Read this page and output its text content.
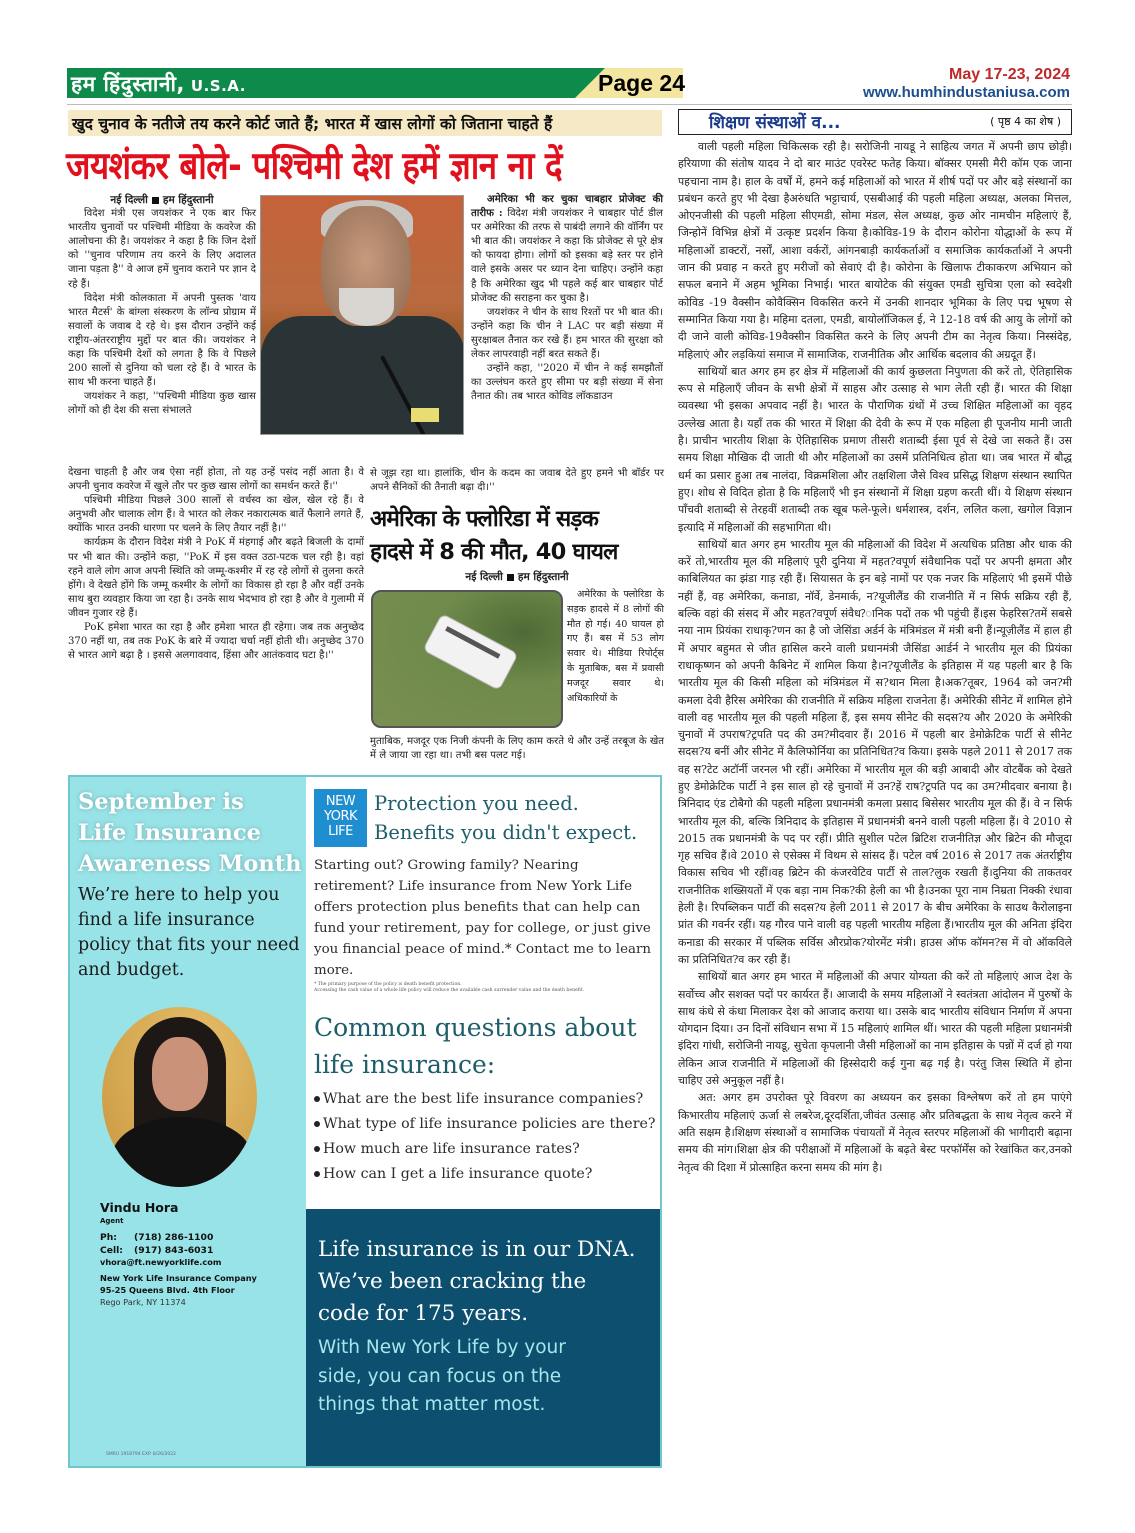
हम हिंदुस्तानी, U.S.A.	Page 24	May 17-23, 2024
www.humhindustaniusa.com
खुद चुनाव के नतीजे तय करने कोर्ट जाते हैं; भारत में खास लोगों को जिताना चाहते हैं
जयशंकर बोले- पश्चिमी देश हमें ज्ञान ना दें
नई दिल्ली हम हिंदुस्तानी

विदेश मंत्री एस जयशंकर ने एक बार फिर भारतीय चुनावों पर पश्चिमी मीडिया के कवरेज की आलोचना की है। जयशंकर ने कहा है कि जिन देशों को ''चुनाव परिणाम तय करने के लिए अदालत जाना पड़ता है'' वे आज हमें चुनाव कराने पर ज्ञान दे रहे हैं।

विदेश मंत्री कोलकाता में अपनी पुस्तक 'वाय भारत मैटर्स' के बांग्ला संस्करण के लॉन्च प्रोग्राम में सवालों के जवाब दे रहे थे। इस दौरान उन्होंने कई राष्ट्रीय-अंतरराष्ट्रीय मुद्दों पर बात की। जयशंकर ने कहा कि पश्चिमी देशों को लगता है कि वे पिछले 200 सालों से दुनिया को चला रहे हैं। वे भारत के साथ भी करना चाहते हैं।

जयशंकर ने कहा, ''पश्चिमी मीडिया कुछ खास लोगों को ही देश की सत्ता संभालते

देखना चाहती है और जब ऐसा नहीं होता, तो यह उन्हें पसंद नहीं आता है। वे अपनी चुनाव कवरेज में खुले तौर पर कुछ खास लोगों का समर्थन करते हैं।''

पश्चिमी मीडिया पिछले 300 सालों से वर्चस्व का खेल, खेल रहे हैं। वे अनुभवी और चालाक लोग हैं। वे भारत को लेकर नकारात्मक बातें फैलाने लगते हैं, क्योंकि भारत उनकी धारणा पर चलने के लिए तैयार नहीं है।''

कार्यक्रम के दौरान विदेश मंत्री ने PoK में मंहगाई और बढ़ते बिजली के दामों पर भी बात की। उन्होंने कहा, ''PoK में इस वक्त उठा-पटक चल रही है। वहां रहने वाले लोग आज अपनी स्थिति को जम्मू-कश्मीर में रह रहे लोगों से तुलना करते होंगे। वे देखते होंगे कि जम्मू कश्मीर के लोगों का विकास हो रहा है और वहीं उनके साथ बुरा व्यवहार किया जा रहा है। उनके साथ भेदभाव हो रहा है और वे गुलामी में जीवन गुजार रहे हैं।

PoK हमेशा भारत का रहा है और हमेशा भारत ही रहेगा। जब तक अनुच्छेद 370 नहीं था, तब तक PoK के बारे में ज्यादा चर्चा नहीं होती थी। अनुच्छेद 370 से भारत आगे बढ़ा है । इससे अलगाववाद, हिंसा और आतंकवाद घटा है।''

अमेरिका भी कर चुका चाबहार प्रोजेक्ट की तारीफ : विदेश मंत्री जयशंकर ने चाबहार पोर्ट डील पर अमेरिका की तरफ से पाबंदी लगाने की वॉर्निंग पर भी बात की। जयशंकर ने कहा कि प्रोजेक्ट से पूरे क्षेत्र को फायदा होगा। लोगों को इसका बड़े स्तर पर होने वाले इसके असर पर ध्यान देना चाहिए। उन्होंने कहा है कि अमेरिका खुद भी पहले कई बार चाबहार पोर्ट प्रोजेक्ट की सराहना कर चुका है।

जयशंकर ने चीन के साथ रिश्तों पर भी बात की। उन्होंने कहा कि चीन ने LAC पर बड़ी संख्या में सुरक्षाबल तैनात कर रखे हैं। हम भारत की सुरक्षा को लेकर लापरवाही नहीं बरत सकते हैं।

उन्होंने कहा, ''2020 में चीन ने कई समझौतों का उल्लंघन करते हुए सीमा पर बड़ी संख्या में सेना तैनात की। तब भारत कोविड लॉकडाउन

से जूझ रहा था। हालांकि, चीन के कदम का जवाब देते हुए हमने भी बॉर्डर पर अपने सैनिकों की तैनाती बढ़ा दी।''

अमेरिका के फ्लोरिडा में सड़क
हादसे में 8 की मौत, 40 घायल
नई दिल्ली हम हिंदुस्तानी

अमेरिका के फ्लोरिडा के सड़क हादसे में 8 लोगों की मौत हो गई। 40 घायल हो गए हैं। बस में 53 लोग सवार थे। मीडिया रिपोर्ट्स के मुताबिक, बस में प्रवासी मजदूर सवार थे। अधिकारियों के

मुताबिक, मजदूर एक निजी कंपनी के लिए काम करते थे और उन्हें तरबूज के खेत में ले जाया जा रहा था। तभी बस पलट गई।

September is
Life Insurance
Awareness Month
We’re here to help you find a life insurance policy that fits your need and budget.
Vindu Hora
Agent
Ph: (718) 286-1100
Cell: (917) 843-6031
vhora@ft.newyorklife.com
New York Life Insurance Company
95-25 Queens Blvd. 4th Floor
Rego Park, NY 11374
SMRU 1918794 EXP. 8/26/2022
NEW
YORK
LIFE
Protection you need.
Benefits you didn't expect.
Starting out? Growing family? Nearing retirement? Life insurance from New York Life offers protection plus benefits that can help can fund your retirement, pay for college, or just give you financial peace of mind.* Contact me to learn more.
* The primary purpose of the policy is death benefit protection.
Accessing the cash value of a whole life policy will reduce the available cash surrender value and the death benefit.
Common questions about
life insurance:
What are the best life insurance companies?
What type of life insurance policies are there?
How much are life insurance rates?
How can I get a life insurance quote?
Life insurance is in our DNA.
We’ve been cracking the
code for 175 years.
With New York Life by your
side, you can focus on the
things that matter most.
शिक्षण संस्थाओं व...	( पृष्ठ 4 का शेष )

वाली पहली महिला चिकित्सक रही है। सरोजिनी नायडू ने साहित्य जगत में अपनी छाप छोड़ी। हरियाणा की संतोष यादव ने दो बार माउंट एवरेस्ट फतेह किया। बॉक्सर एमसी मैरी कॉम एक जाना पहचाना नाम है। हाल के वर्षों में, हमने कई महिलाओं को भारत में शीर्ष पदों पर और बड़े संस्थानों का प्रबंधन करते हुए भी देखा हैअरुंधति भट्टाचार्य, एसबीआई की पहली महिला अध्यक्ष, अलका मित्तल, ओएनजीसी की पहली महिला सीएमडी, सोमा मंडल, सेल अध्यक्ष, कुछ ओर नामचीन महिलाएं हैं, जिन्होनें विभिन्न क्षेत्रों में उत्कृष्ट प्रदर्शन किया है।कोविड-19 के दौरान कोरोना योद्धाओं के रूप में महिलाओं डाक्टरों, नर्सों, आशा वर्करों, आंगनबाड़ी कार्यकर्ताओं व समाजिक कार्यकर्ताओं ने अपनी जान की प्रवाह न करते हुए मरीजों को सेवाएं दी है। कोरोना के खिलाफ टीकाकरण अभियान को सफल बनाने में अहम भूमिका निभाई। भारत बायोटेक की संयुक्त एमडी सुचित्रा एला को स्वदेशी कोविड -19 वैक्सीन कोवैक्सिन विकसित करने में उनकी शानदार भूमिका के लिए पद्म भूषण से सम्मानित किया गया है। महिमा दतला, एमडी, बायोलॉजिकल ई, ने 12-18 वर्ष की आयु के लोगों को दी जाने वाली कोविड-19वैक्सीन विकसित करने के लिए अपनी टीम का नेतृत्व किया। निस्संदेह, महिलाएं और लड़कियां समाज में सामाजिक, राजनीतिक और आर्थिक बदलाव की अग्रदूत हैं।

साथियों बात अगर हम हर क्षेत्र में महिलाओं की कार्य कुछलता निपुणता की करें तो, ऐतिहासिक रूप से महिलाएँ जीवन के सभी क्षेत्रों में साहस और उत्साह से भाग लेती रही हैं। भारत की शिक्षा व्यवस्था भी इसका अपवाद नहीं है। भारत के पौराणिक ग्रंथों में उच्च शिक्षित महिलाओं का वृहद उल्लेख आता है। यहाँ तक की भारत में शिक्षा की देवी के रूप में एक महिला ही पूजनीय मानी जाती है। प्राचीन भारतीय शिक्षा के ऐतिहासिक प्रमाण तीसरी शताब्दी ईसा पूर्व से देखे जा सकते हैं। उस समय शिक्षा मौखिक दी जाती थी और महिलाओं का उसमें प्रतिनिधित्व होता था। जब भारत में बौद्ध धर्म का प्रसार हुआ तब नालंदा, विक्रमशिला और तक्षशिला जैसे विश्व प्रसिद्ध शिक्षण संस्थान स्थापित हुए। शोध से विदित होता है कि महिलाएँ भी इन संस्थानों में शिक्षा ग्रहण करती थीं। ये शिक्षण संस्थान पाँचवी शताब्दी से तेरहवीं शताब्दी तक खूब फले-फूले। धर्मशास्त्र, दर्शन, ललित कला, खगोल विज्ञान इत्यादि में महिलाओं की सहभागिता थी।

साथियों बात अगर हम भारतीय मूल की महिलाओं की विदेश में अत्यधिक प्रतिष्ठा और धाक की करें तो,भारतीय मूल की महिलाएं पूरी दुनिया में महत?वपूर्ण संवैधानिक पदों पर अपनी क्षमता और काबिलियत का झंडा गाड़ रही हैं। सियासत के इन बड़े नामों पर एक नजर कि महिलाएं भी इसमें पीछे नहीं हैं, वह अमेरिका, कनाडा, नॉर्वे, डेनमार्क, न?यूजीलैंड की राजनीति में न सिर्फ सक्रिय रही हैं, बल्कि वहां की संसद में और महत?वपूर्ण संवैध?ानिक पदों तक भी पहुंची हैं।इस फेहरिस?तमें सबसे नया नाम प्रियंका राधाकृ?णन का है जो जेसिंडा अर्डर्न के मंत्रिमंडल में मंत्री बनी हैं।न्यूज़ीलैंड में हाल ही में अपार बहुमत से जीत हासिल करने वाली प्रधानमंत्री जैसिंडा आर्डर्न ने भारतीय मूल की प्रियंका राधाकृष्णन को अपनी कैबिनेट में शामिल किया है।न?यूजीलैंड के इतिहास में यह पहली बार है कि भारतीय मूल की किसी महिला को मंत्रिमंडल में स?थान मिला है।अक?तूबर, 1964 को जन?मी कमला देवी हैरिस अमेरिका की राजनीति में सक्रिय महिला राजनेता हैं। अमेरिकी सीनेट में शामिल होने वाली वह भारतीय मूल की पहली महिला हैं, इस समय सीनेट की सदस?य और 2020 के अमेरिकी चुनावों में उपराष?ट्रपति पद की उम?मीदवार हैं। 2016 में पहली बार डेमोक्रेटिक पार्टी से सीनेट सदस?य बनीं और सीनेट में कैलिफोर्निया का प्रतिनिधित?व किया। इसके पहले 2011 से 2017 तक वह स?टेट अटॉर्नी जरनल भी रहीं। अमेरिका में भारतीय मूल की बड़ी आबादी और वोटबैंक को देखते हुए डेमोक्रेटिक पार्टी ने इस साल हो रहे चुनावों में उन?हें राष?ट्रपति पद का उम?मीदवार बनाया है। त्रिनिदाद एंड टोबैगो की पहली महिला प्रधानमंत्री कमला प्रसाद बिसेसर भारतीय मूल की हैं। वे न सिर्फ भारतीय मूल की, बल्कि त्रिनिदाद के इतिहास में प्रधानमंत्री बनने वाली पहली महिला हैं। वे 2010 से 2015 तक प्रधानमंत्री के पद पर रहीं। प्रीति सुशील पटेल ब्रिटिश राजनीतिज्ञ और ब्रिटेन की मौजूदा गृह सचिव हैं।वे 2010 से एसेक्स में विथम से सांसद हैं। पटेल वर्ष 2016 से 2017 तक अंतर्राष्ट्रीय विकास सचिव भी रहीं।वह ब्रिटेन की कंजरवेटिव पार्टी से ताल?लुक रखती हैं।दुनिया की ताकतवर राजनीतिक शख्सियतों में एक बड़ा नाम निक?की हेली का भी है।उनका पूरा नाम निम्रता निक्की रंधावा हेली है। रिपब्लिकन पार्टी की सदस?य हेली 2011 से 2017 के बीच अमेरिका के साउथ कैरोलाइना प्रांत की गवर्नर रहीं। यह गौरव पाने वाली वह पहली भारतीय महिला हैं।भारतीय मूल की अनिता इंदिरा कनाडा की सरकार में पब्लिक सर्विस औरप्रोक?योरमेंट मंत्री। हाउस ऑफ कॉमन?स में वो ऑकविले का प्रतिनिधित?व कर रही हैं।

साथियों बात अगर हम भारत में महिलाओं की अपार योग्यता की करें तो महिलाएं आज देश के सर्वोच्च और सशक्त पदों पर कार्यरत हैं। आजादी के समय महिलाओं ने स्वतंत्रता आंदोलन में पुरुषों के साथ कंधे से कंधा मिलाकर देश को आजाद कराया था। उसके बाद भारतीय संविधान निर्माण में अपना योगदान दिया। उन दिनों संविधान सभा में 15 महिलाएं शामिल थीं। भारत की पहली महिला प्रधानमंत्री इंदिरा गांधी, सरोजिनी नायडू, सुचेता कृपलानी जैसी महिलाओं का नाम इतिहास के पन्नों में दर्ज हो गया लेकिन आज राजनीति में महिलाओं की हिस्सेदारी कई गुना बढ़ गई है। परंतु जिस स्थिति में होना चाहिए उसे अनुकूल नहीं है।

अत: अगर हम उपरोक्त पूरे विवरण का अध्ययन कर इसका विश्लेषण करें तो हम पाएंगे किभारतीय महिलाएं ऊर्जा से लबरेज,दूरदर्शिता,जीवंत उत्साह और प्रतिबद्धता के साथ नेतृत्व करने में अति सक्षम है।शिक्षण संस्थाओं व सामाजिक पंचायतों में नेतृत्व स्तरपर महिलाओं की भागीदारी बढ़ाना समय की मांग।शिक्षा क्षेत्र की परीक्षाओं में महिलाओं के बढ़ते बेस्ट परफॉर्मेंस को रेखांकित कर,उनको नेतृत्व की दिशा में प्रोत्साहित करना समय की मांग है।
